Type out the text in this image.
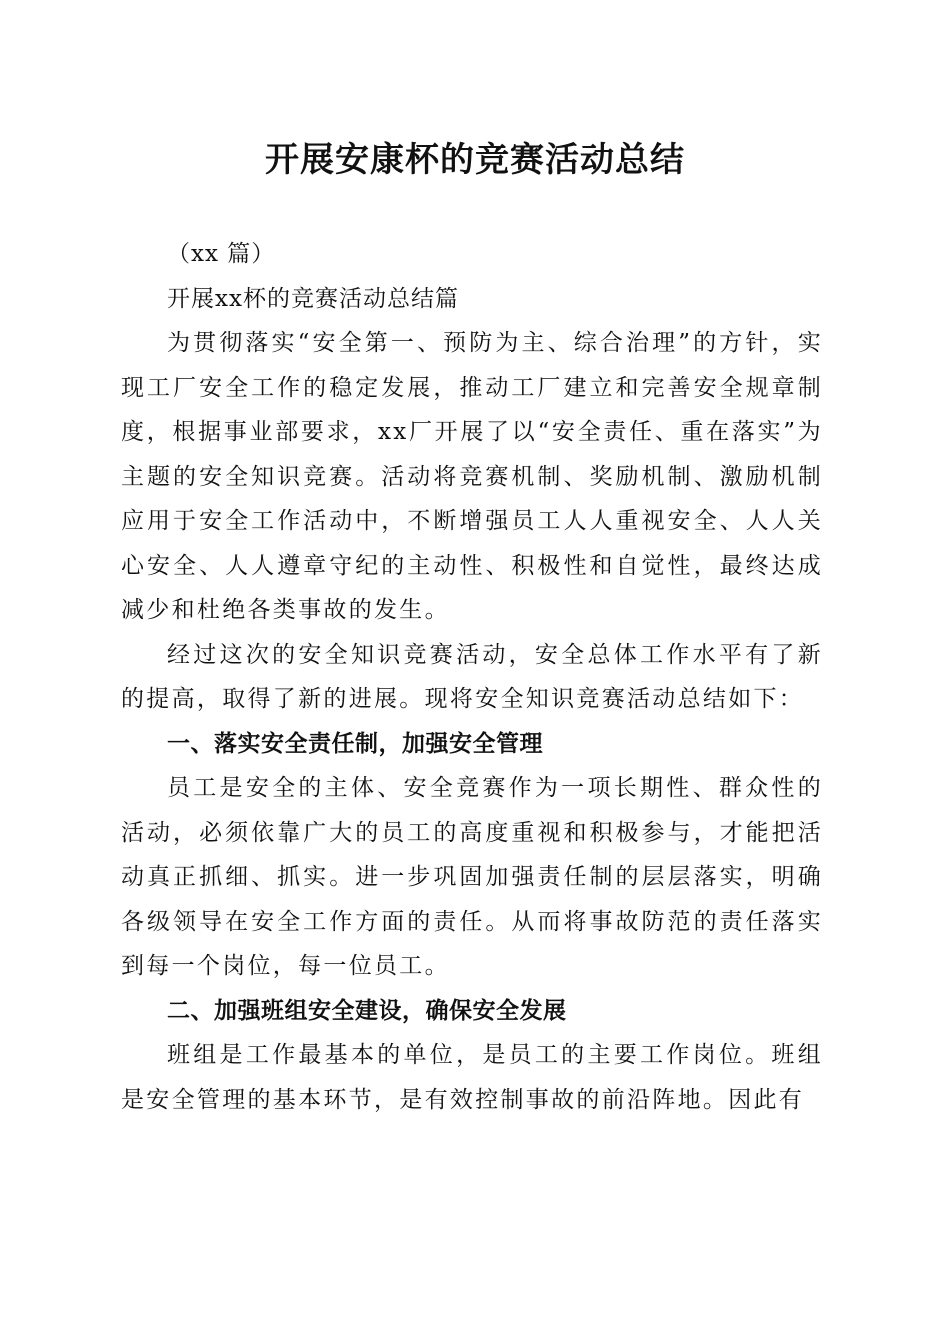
开展安康杯的竞赛活动总结

（xx 篇）

开展xx杯的竞赛活动总结篇

为贯彻落实“安全第一、预防为主、综合治理”的方针，实现工厂安全工作的稳定发展，推动工厂建立和完善安全规章制度，根据事业部要求，xx厂开展了以“安全责任、重在落实”为主题的安全知识竞赛。活动将竞赛机制、奖励机制、激励机制应用于安全工作活动中，不断增强员工人人重视安全、人人关心安全、人人遵章守纪的主动性、积极性和自觉性，最终达成减少和杜绝各类事故的发生。

经过这次的安全知识竞赛活动，安全总体工作水平有了新的提高，取得了新的进展。现将安全知识竞赛活动总结如下：

一、落实安全责任制，加强安全管理

员工是安全的主体、安全竞赛作为一项长期性、群众性的活动，必须依靠广大的员工的高度重视和积极参与，才能把活动真正抓细、抓实。进一步巩固加强责任制的层层落实，明确各级领导在安全工作方面的责任。从而将事故防范的责任落实到每一个岗位，每一位员工。

二、加强班组安全建设，确保安全发展

班组是工作最基本的单位，是员工的主要工作岗位。班组是安全管理的基本环节，是有效控制事故的前沿阵地。因此有
